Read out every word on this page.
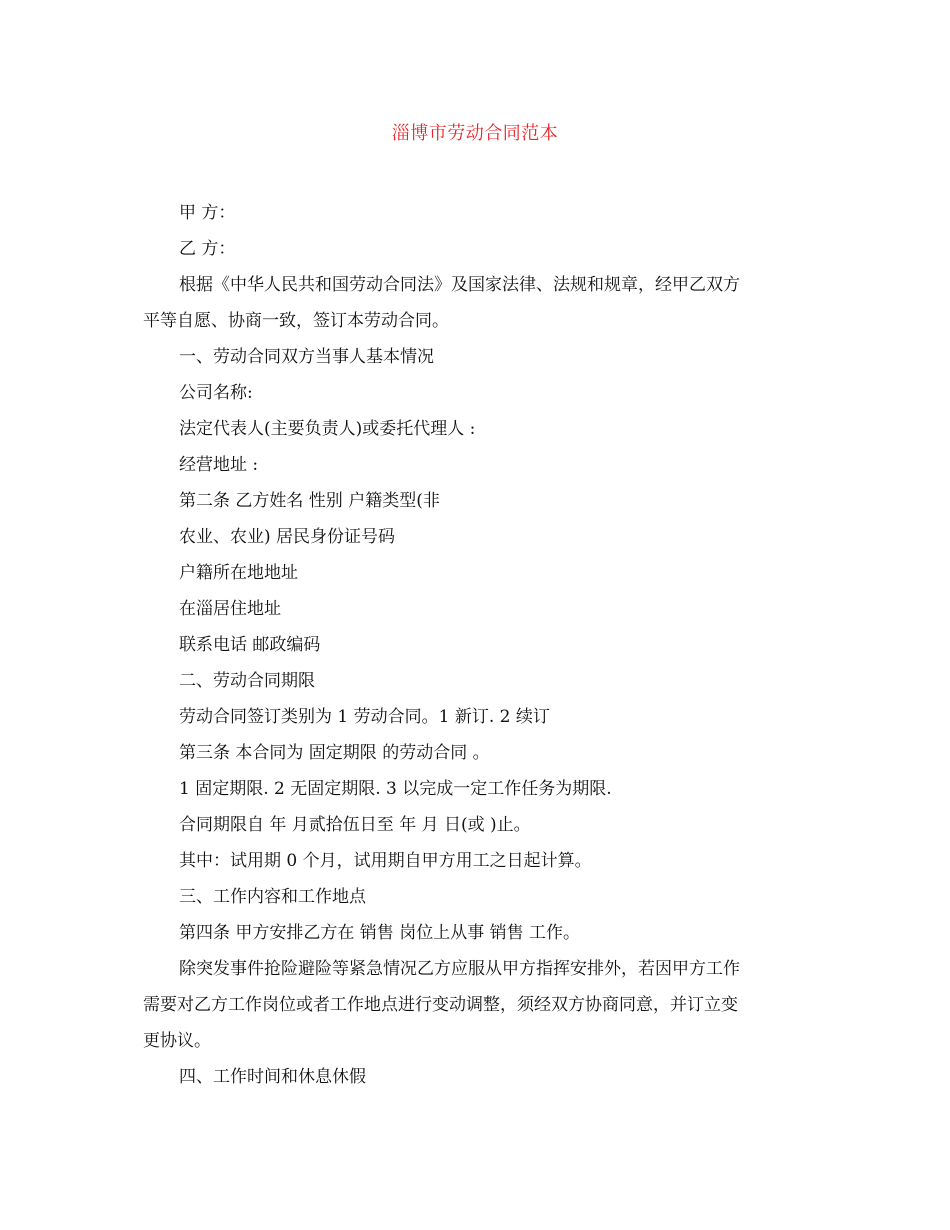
淄博市劳动合同范本

甲 方：

乙 方：

根据《中华人民共和国劳动合同法》及国家法律、法规和规章，经甲乙双方

平等自愿、协商一致，签订本劳动合同。

一、劳动合同双方当事人基本情况

公司名称:

法定代表人(主要负责人)或委托代理人 :

经营地址 :

第二条 乙方姓名 性别 户籍类型(非

农业、农业) 居民身份证号码

户籍所在地地址

在淄居住地址

联系电话 邮政编码

二、劳动合同期限

劳动合同签订类别为 1 劳动合同。1 新订. 2 续订

第三条 本合同为 固定期限 的劳动合同 。

1 固定期限. 2 无固定期限. 3 以完成一定工作任务为期限.

合同期限自 年 月贰拾伍日至 年 月 日(或 )止。

其中：试用期 0 个月，试用期自甲方用工之日起计算。

三、工作内容和工作地点

第四条 甲方安排乙方在 销售 岗位上从事 销售 工作。

除突发事件抢险避险等紧急情况乙方应服从甲方指挥安排外，若因甲方工作

需要对乙方工作岗位或者工作地点进行变动调整，须经双方协商同意，并订立变

更协议。

四、工作时间和休息休假
